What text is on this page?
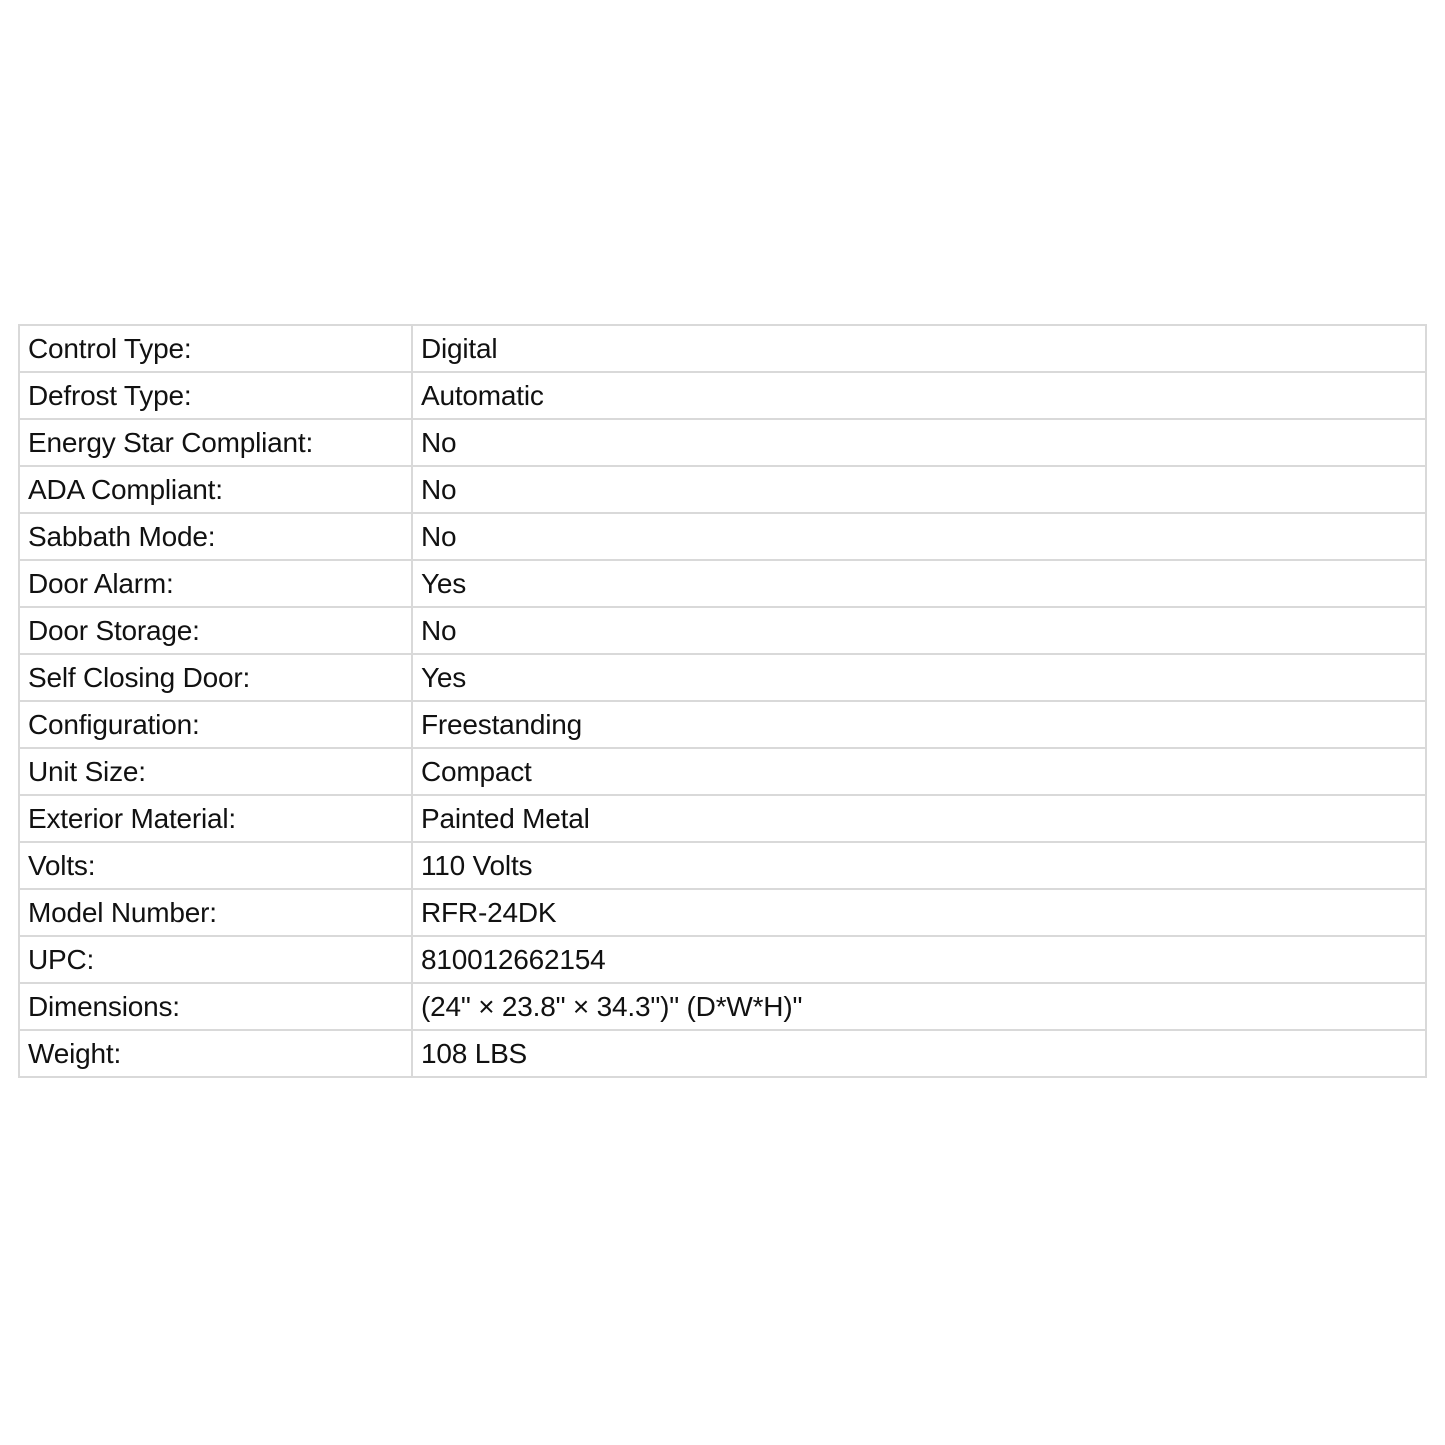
Control Type:	Digital
Defrost Type:	Automatic
Energy Star Compliant:	No
ADA Compliant:	No
Sabbath Mode:	No
Door Alarm:	Yes
Door Storage:	No
Self Closing Door:	Yes
Configuration:	Freestanding
Unit Size:	Compact
Exterior Material:	Painted Metal
Volts:	110 Volts
Model Number:	RFR-24DK
UPC:	810012662154
Dimensions:	(24" × 23.8" × 34.3")" (D*W*H)"
Weight:	108 LBS
